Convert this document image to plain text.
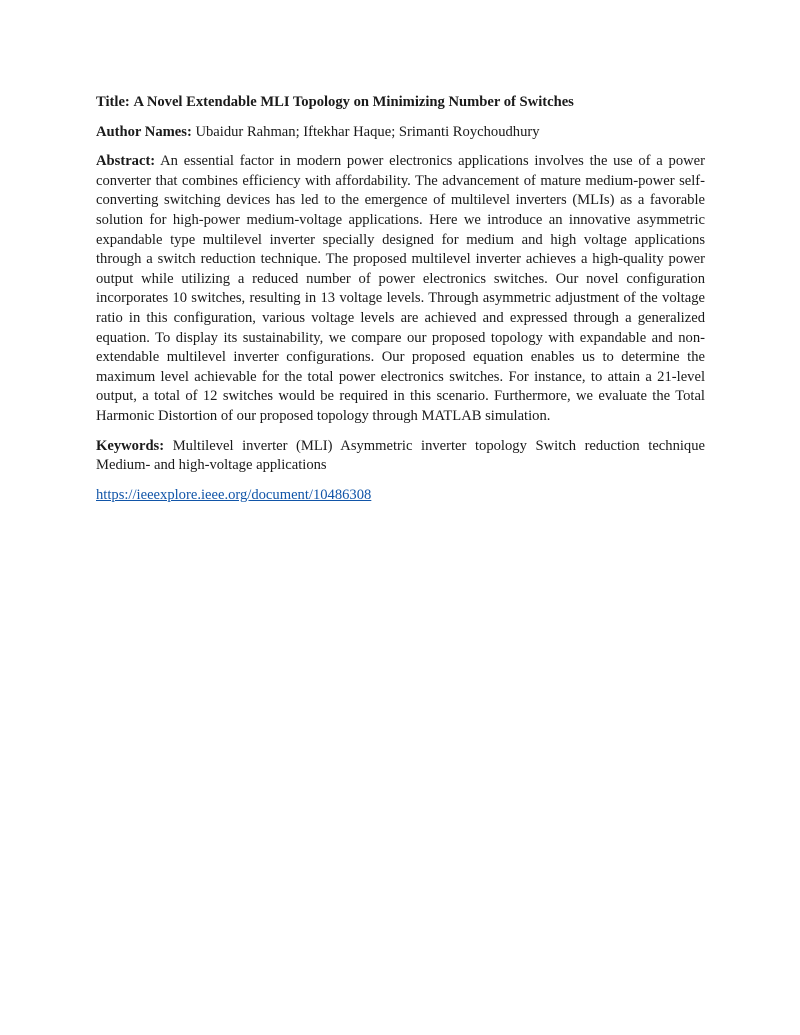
Title: A Novel Extendable MLI Topology on Minimizing Number of Switches

Author Names: Ubaidur Rahman; Iftekhar Haque; Srimanti Roychoudhury

Abstract: An essential factor in modern power electronics applications involves the use of a power converter that combines efficiency with affordability. The advancement of mature medium-power self-converting switching devices has led to the emergence of multilevel inverters (MLIs) as a favorable solution for high-power medium-voltage applications. Here we introduce an innovative asymmetric expandable type multilevel inverter specially designed for medium and high voltage applications through a switch reduction technique. The proposed multilevel inverter achieves a high-quality power output while utilizing a reduced number of power electronics switches. Our novel configuration incorporates 10 switches, resulting in 13 voltage levels. Through asymmetric adjustment of the voltage ratio in this configuration, various voltage levels are achieved and expressed through a generalized equation. To display its sustainability, we compare our proposed topology with expandable and non-extendable multilevel inverter configurations. Our proposed equation enables us to determine the maximum level achievable for the total power electronics switches. For instance, to attain a 21-level output, a total of 12 switches would be required in this scenario. Furthermore, we evaluate the Total Harmonic Distortion of our proposed topology through MATLAB simulation.

Keywords: Multilevel inverter (MLI) Asymmetric inverter topology Switch reduction technique Medium- and high-voltage applications

https://ieeexplore.ieee.org/document/10486308
